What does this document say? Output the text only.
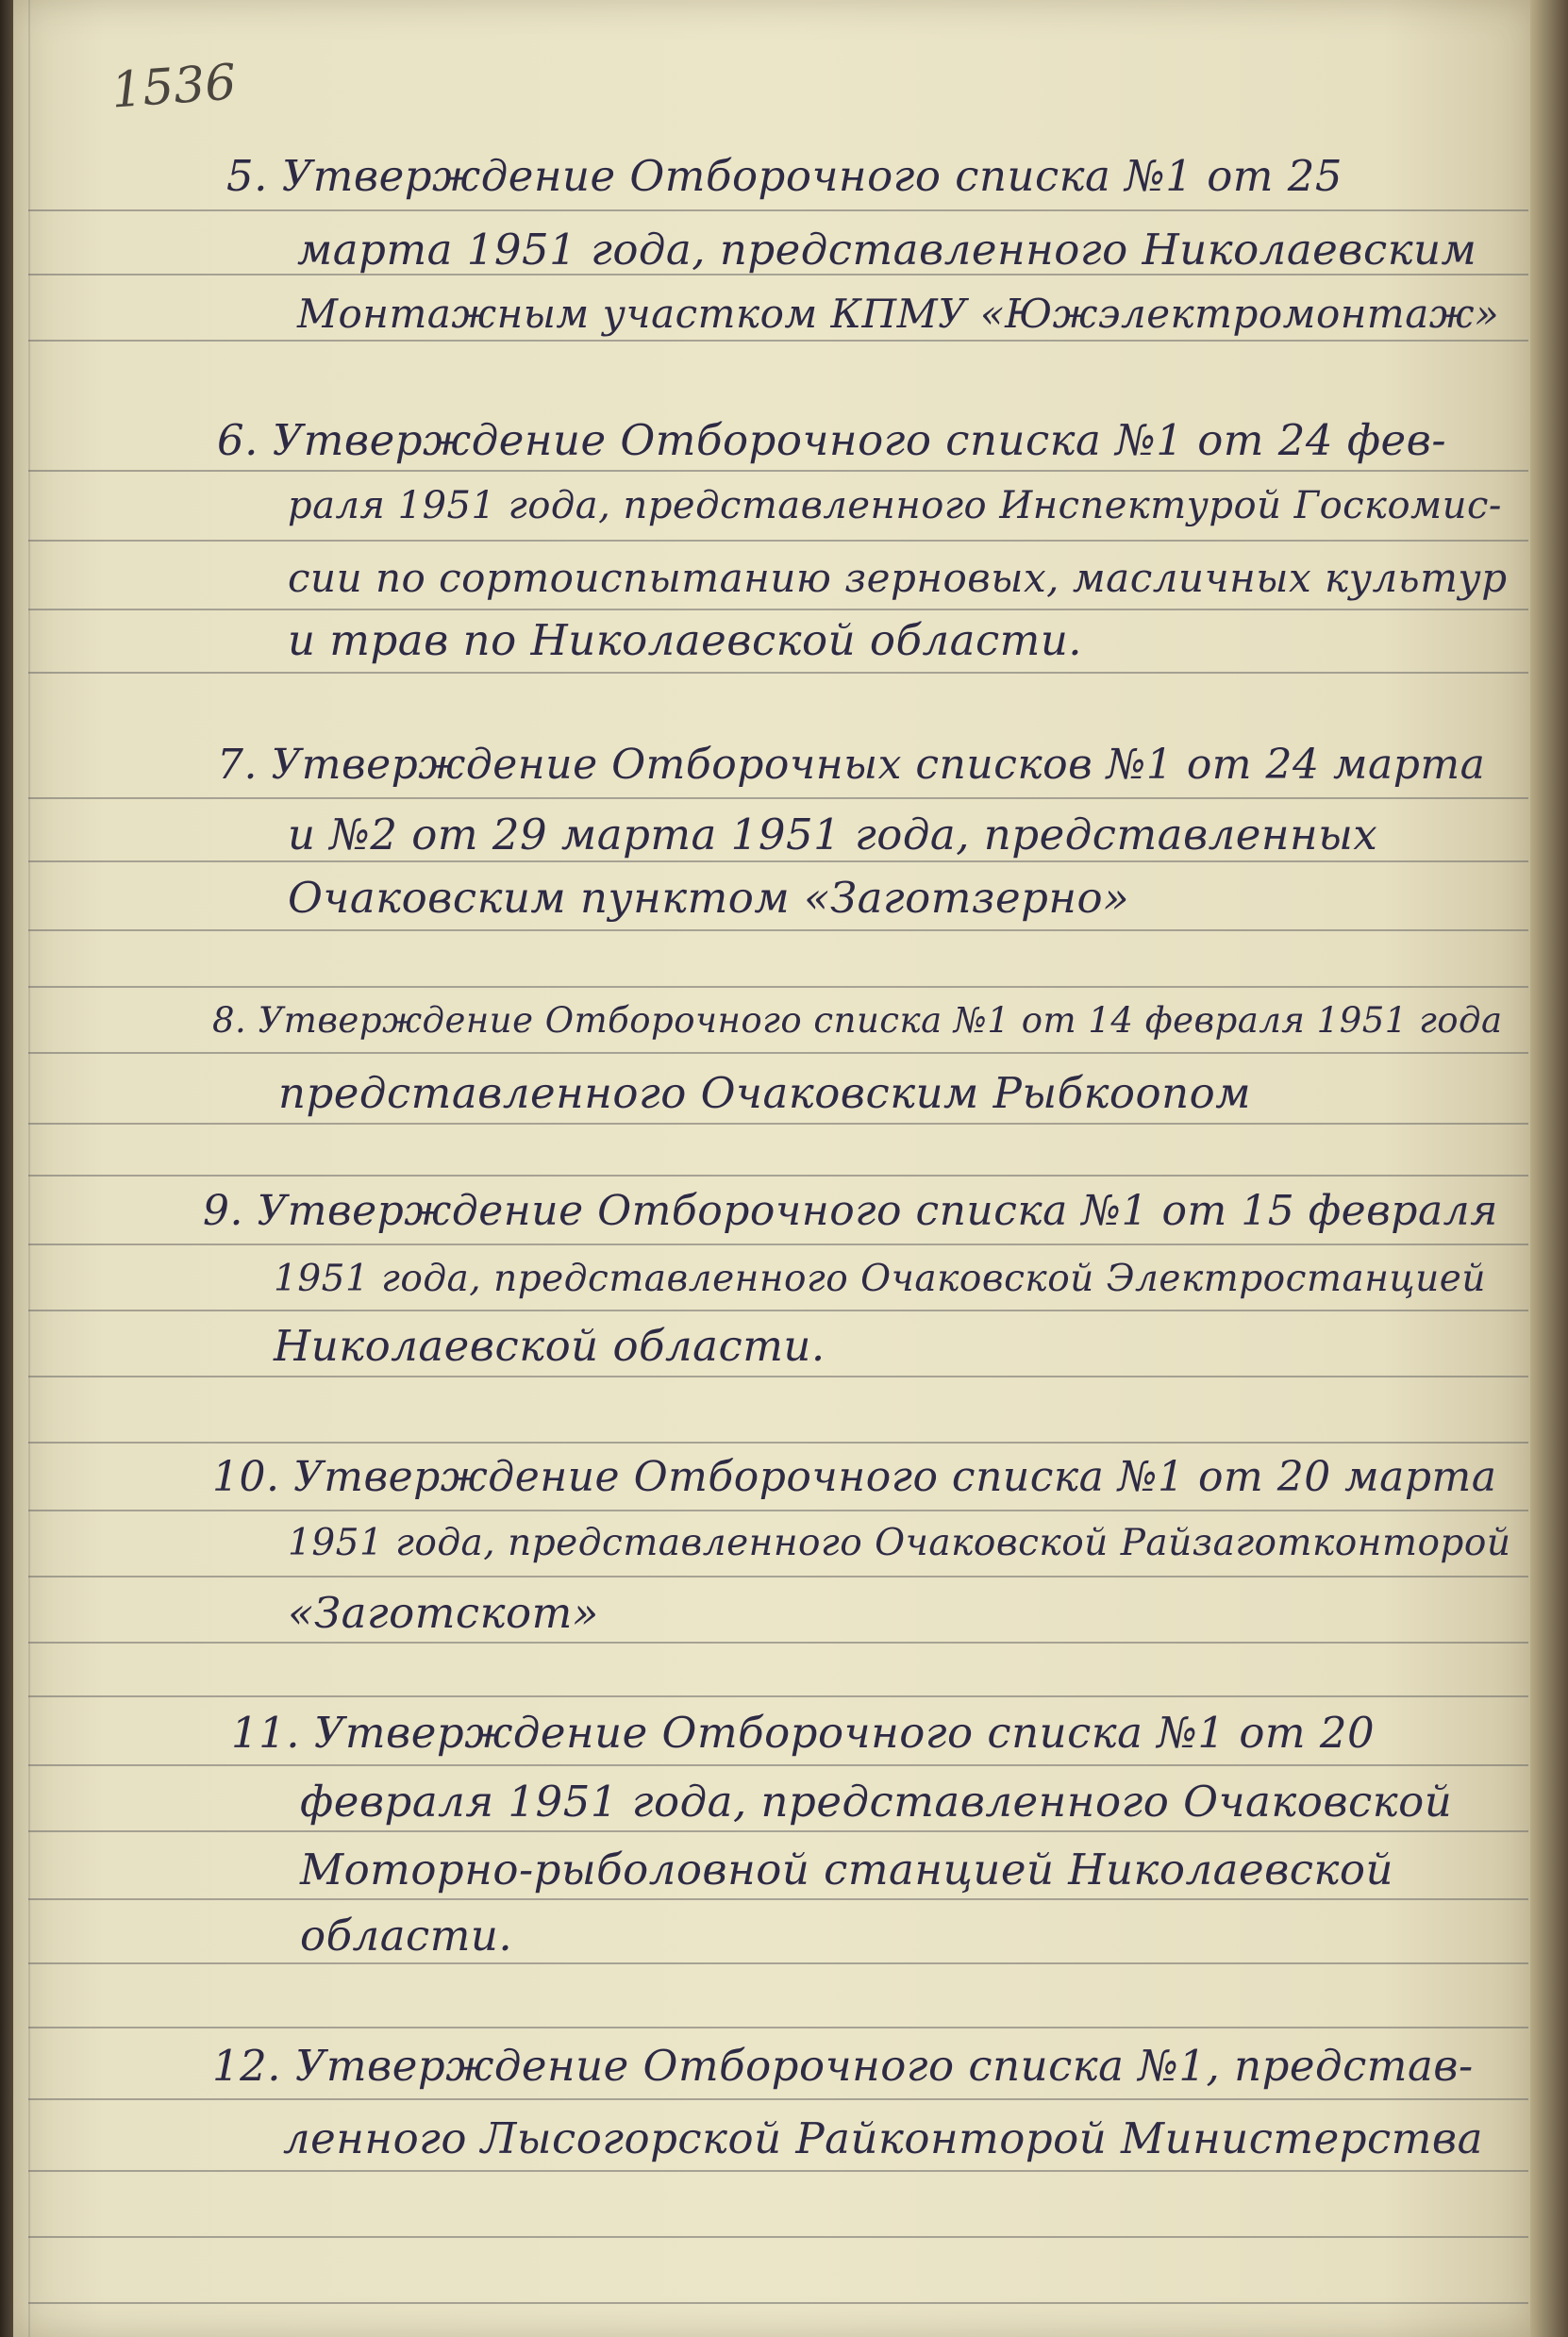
1536
5. Утверждение Отборочного списка №1 от 25
марта 1951 года, представленного Николаевским
Монтажным участком КПМУ «Южэлектромонтаж»
6. Утверждение Отборочного списка №1 от 24 фев-
раля 1951 года, представленного Инспектурой Госкомис-
сии по сортоиспытанию зерновых, масличных культур
и трав по Николаевской области.
7. Утверждение Отборочных списков №1 от 24 марта
и №2 от 29 марта 1951 года, представленных
Очаковским пунктом «Заготзерно»
8. Утверждение Отборочного списка №1 от 14 февраля 1951 года
представленного Очаковским Рыбкоопом
9. Утверждение Отборочного списка №1 от 15 февраля
1951 года, представленного Очаковской Электростанцией
Николаевской области.
10. Утверждение Отборочного списка №1 от 20 марта
1951 года, представленного Очаковской Райзаготконторой
«Заготскот»
11. Утверждение Отборочного списка №1 от 20
февраля 1951 года, представленного Очаковской
Моторно-рыболовной станцией Николаевской
области.
12. Утверждение Отборочного списка №1, представ-
ленного Лысогорской Райконторой Министерства
